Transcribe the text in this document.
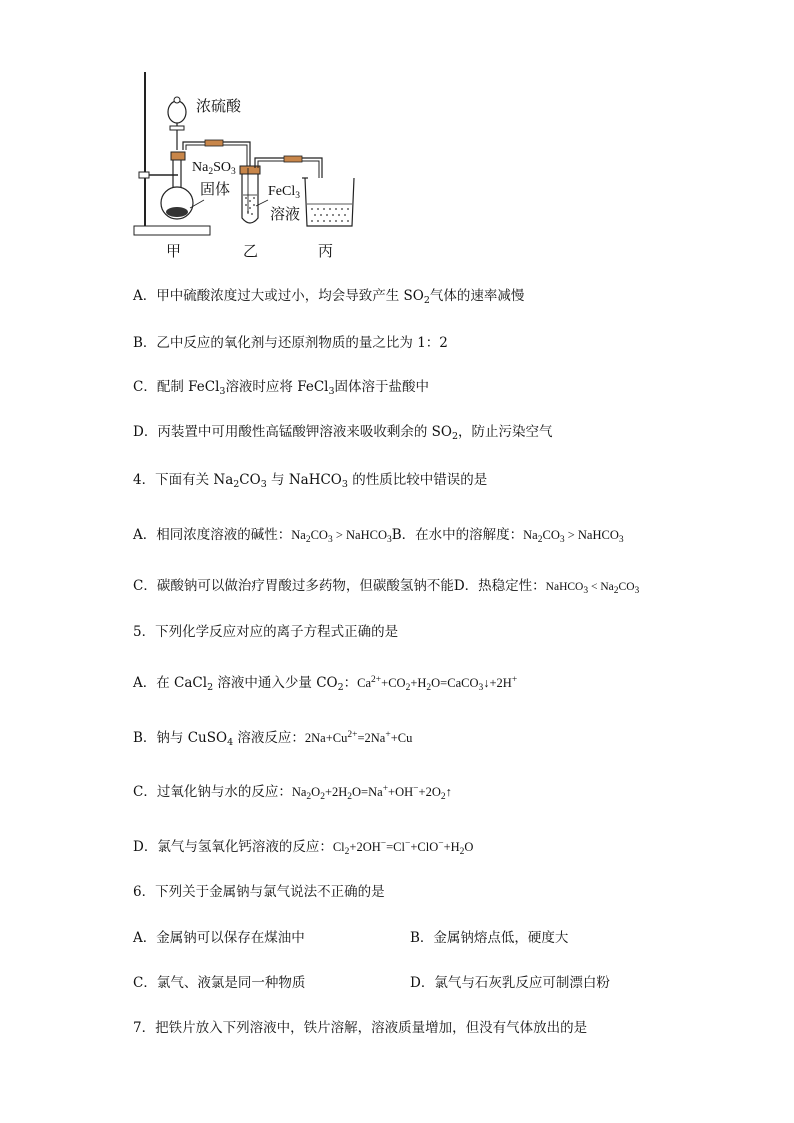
浓硫酸
$Na_2SO_3$
固体	FeCl$_3$
溶液
甲	乙	丙
A．甲中硫酸浓度过大或过小，均会导致产生 $SO_2$气体的速率减慢
B．乙中反应的氧化剂与还原剂物质的量之比为 1：2
C．配制 FeCl$_3$溶液时应将 FeCl$_3$固体溶于盐酸中
D．丙装置中可用酸性高锰酸钾溶液来吸收剩余的 $SO_2$，防止污染空气
4．下面有关 $Na_2CO_3$ 与 NaHCO$_3$ 的性质比较中错误的是
A．相同浓度溶液的碱性：$Na_2CO_3$ > NaHCO$_3$B．在水中的溶解度：$Na_2CO_3$ > NaHCO$_3$
C．碳酸钠可以做治疗胃酸过多药物，但碳酸氢钠不能D．热稳定性：NaHCO$_3$ < $Na_2CO_3$
5．下列化学反应对应的离子方程式正确的是
A．在 CaCl$_2$ 溶液中通入少量 $CO_2$：$Ca^{2+}+CO_2+H_2O=CaCO_3↓+2H^+$
B．钠与 CuSO$_4$ 溶液反应：$2Na+Cu^{2+}=2Na^++Cu$
C．过氧化钠与水的反应：$Na_2O_2+2H_2O=Na^++OH^-+2O_2↑$
D．氯气与氢氧化钙溶液的反应：$Cl_2+2OH^-=Cl^-+ClO^-+H_2O$
6．下列关于金属钠与氯气说法不正确的是
A．金属钠可以保存在煤油中	B．金属钠熔点低，硬度大
C．氯气、液氯是同一种物质	D．氯气与石灰乳反应可制漂白粉
7．把铁片放入下列溶液中，铁片溶解，溶液质量增加，但没有气体放出的是
